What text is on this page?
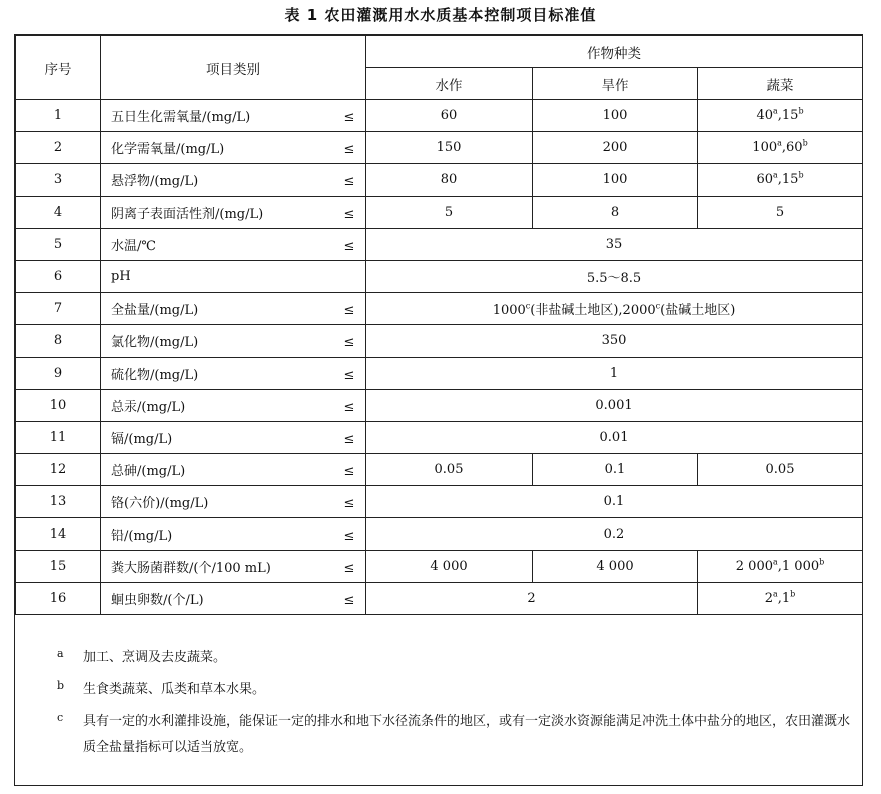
表 1 农田灌溉用水水质基本控制项目标准值
序号	项目类别	作物种类		
		水作	旱作	蔬菜
1	五日生化需氧量/(mg/L) ≤	60	100	40$^a$,15$^b$
2	化学需氧量/(mg/L) ≤	150	200	100$^a$,60$^b$
3	悬浮物/(mg/L) ≤	80	100	60$^a$,15$^b$
4	阴离子表面活性剂/(mg/L) ≤	5	8	5
5	水温/℃ ≤	35		
6	pH	5.5～8.5		
7	全盐量/(mg/L) ≤	$1000^c$(非盐碱土地区),2000$^c$(盐碱土地区)		
8	氯化物/(mg/L) ≤	350		
9	硫化物/(mg/L) ≤	1		
10	总汞/(mg/L) ≤	0.001		
11	镉/(mg/L) ≤	0.01		
12	总砷/(mg/L) ≤	0.05	0.1	0.05
13	铬(六价)/(mg/L) ≤	0.1		
14	铅/(mg/L) ≤	0.2		
15	粪大肠菌群数/(个/100 mL) ≤	4 000	4 000	2 000$^a$,1 000$^b$
16	蛔虫卵数/(个/L) ≤	2		2$^a$,1$^b$
a	加工、烹调及去皮蔬菜。
b	生食类蔬菜、瓜类和草本水果。
c	具有一定的水利灌排设施，能保证一定的排水和地下水径流条件的地区，或有一定淡水资源能满足冲洗土体中盐分的地区，农田灌溉水质全盐量指标可以适当放宽。
